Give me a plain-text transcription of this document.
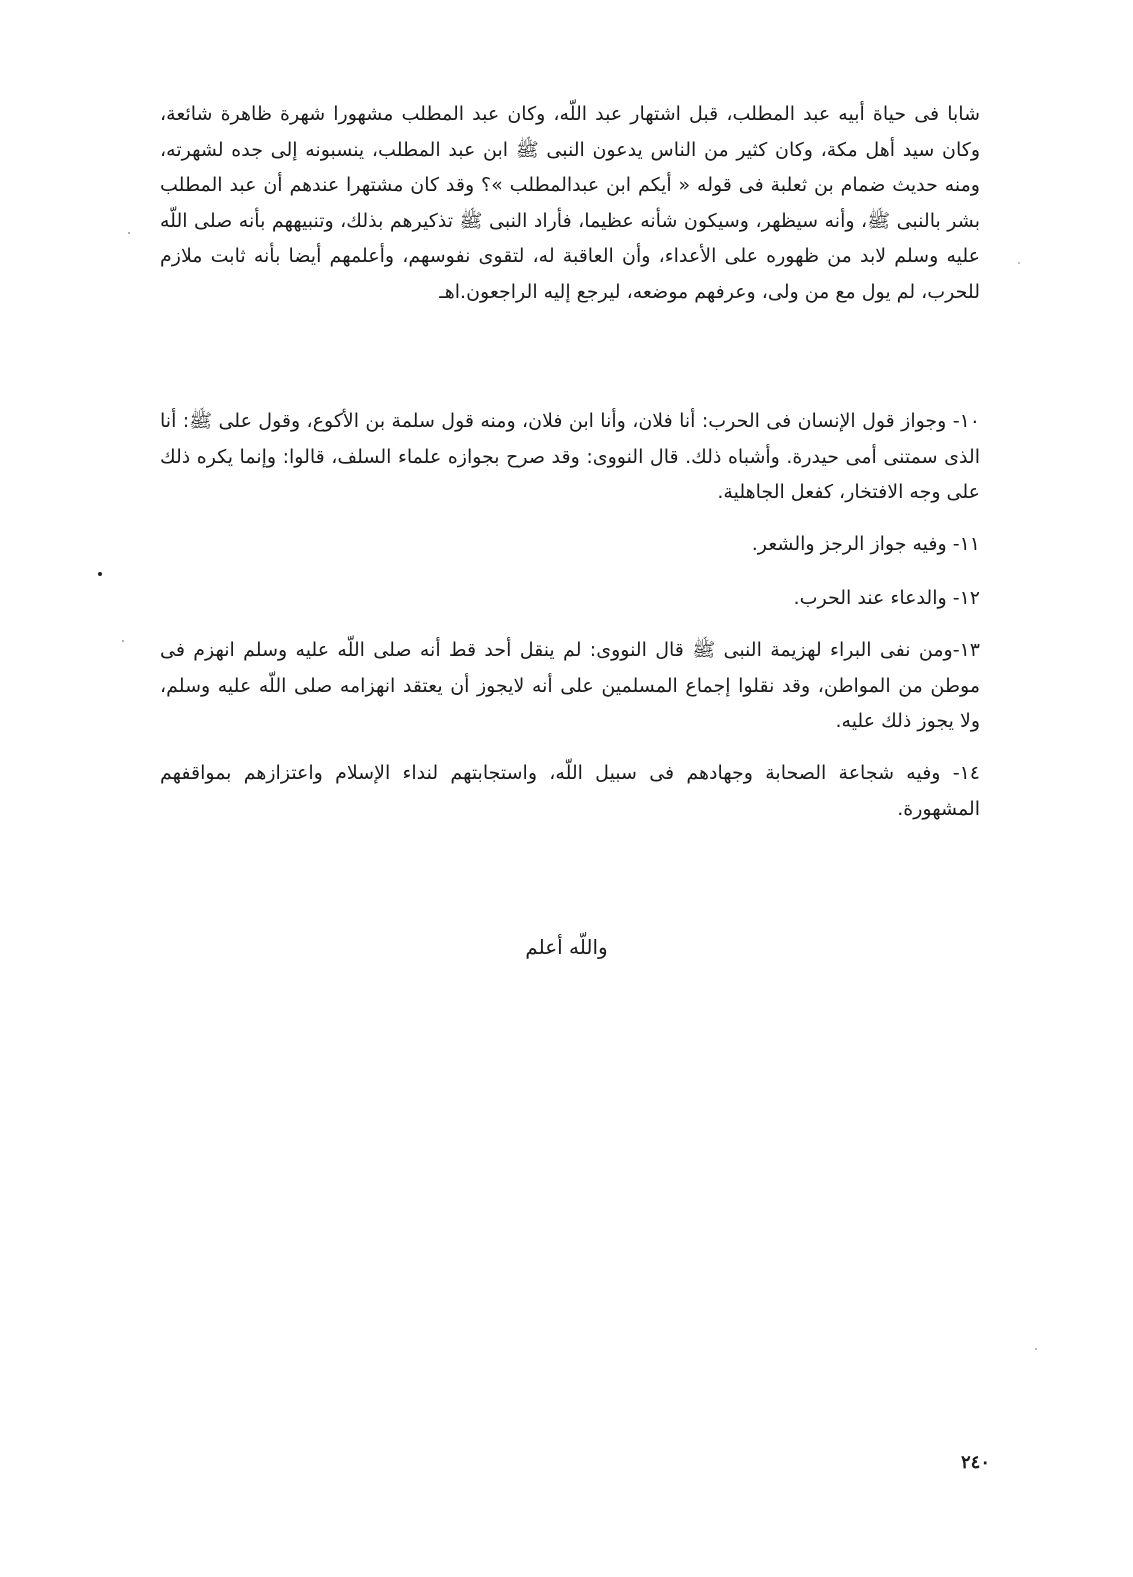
شابا فى حياة أبيه عبد المطلب، قبل اشتهار عبد اللّه، وكان عبد المطلب مشهورا شهرة ظاهرة شائعة، وكان سيد أهل مكة، وكان كثير من الناس يدعون النبى ﷺ ابن عبد المطلب، ينسبونه إلى جده لشهرته، ومنه حديث ضمام بن ثعلبة فى قوله « أيكم ابن عبدالمطلب »؟ وقد كان مشتهرا عندهم أن عبد المطلب بشر بالنبى ﷺ، وأنه سيظهر، وسيكون شأنه عظيما، فأراد النبى ﷺ تذكيرهم بذلك، وتنبيههم بأنه صلى اللّه عليه وسلم لابد من ظهوره على الأعداء، وأن العاقبة له، لتقوى نفوسهم، وأعلمهم أيضا بأنه ثابت ملازم للحرب، لم يول مع من ولى، وعرفهم موضعه، ليرجع إليه الراجعون.اهـ

١٠- وجواز قول الإنسان فى الحرب: أنا فلان، وأنا ابن فلان، ومنه قول سلمة بن الأكوع، وقول على ﷺ: أنا الذى سمتنى أمى حيدرة. وأشباه ذلك. قال النووى: وقد صرح بجوازه علماء السلف، قالوا: وإنما يكره ذلك على وجه الافتخار، كفعل الجاهلية.
١١- وفيه جواز الرجز والشعر.
١٢- والدعاء عند الحرب.
١٣-ومن نفى البراء لهزيمة النبى ﷺ قال النووى: لم ينقل أحد قط أنه صلى اللّه عليه وسلم انهزم فى موطن من المواطن، وقد نقلوا إجماع المسلمين على أنه لايجوز أن يعتقد انهزامه صلى اللّه عليه وسلم، ولا يجوز ذلك عليه.
١٤- وفيه شجاعة الصحابة وجهادهم فى سبيل اللّه، واستجابتهم لنداء الإسلام واعتزازهم بمواقفهم المشهورة.
واللّه أعلم
٢٤٠
